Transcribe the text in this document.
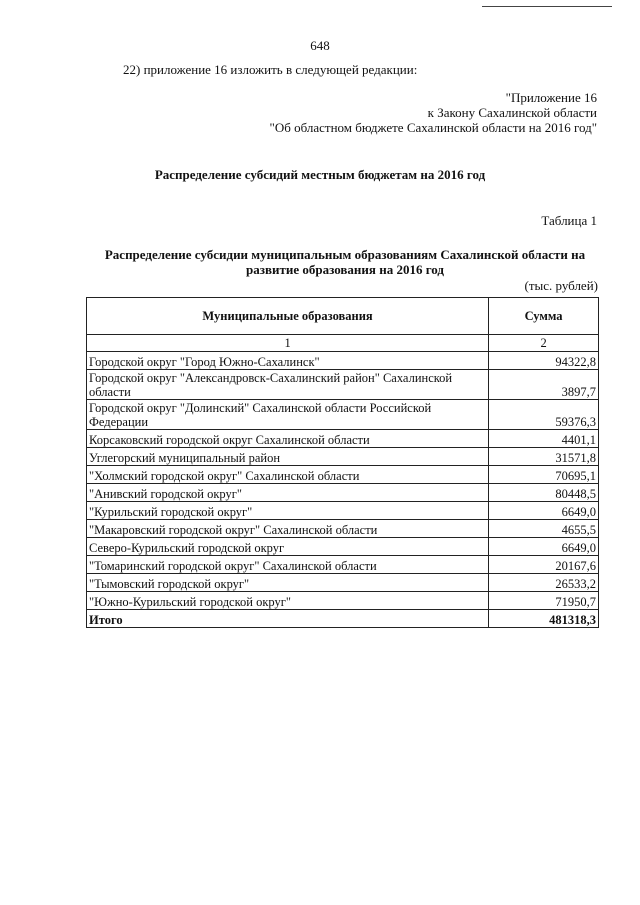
648
22) приложение 16 изложить в следующей редакции:
"Приложение 16
к Закону Сахалинской области
"Об областном бюджете Сахалинской области на 2016 год"
Распределение субсидий местным бюджетам на 2016 год
Таблица 1
Распределение субсидии муниципальным образованиям Сахалинской области на
развитие образования на 2016 год
(тыс. рублей)
Муниципальные образования	Сумма
1	2
Городской округ "Город Южно-Сахалинск"	94322,8
Городской округ "Александровск-Сахалинский район" Сахалинской области	3897,7
Городской округ "Долинский" Сахалинской области Российской Федерации	59376,3
Корсаковский городской округ Сахалинской области	4401,1
Углегорский муниципальный район	31571,8
"Холмский городской округ" Сахалинской области	70695,1
"Анивский городской округ"	80448,5
"Курильский городской округ"	6649,0
"Макаровский городской округ" Сахалинской области	4655,5
Северо-Курильский городской округ	6649,0
"Томаринский городской округ" Сахалинской области	20167,6
"Тымовский городской округ"	26533,2
"Южно-Курильский городской округ"	71950,7
Итого	481318,3
